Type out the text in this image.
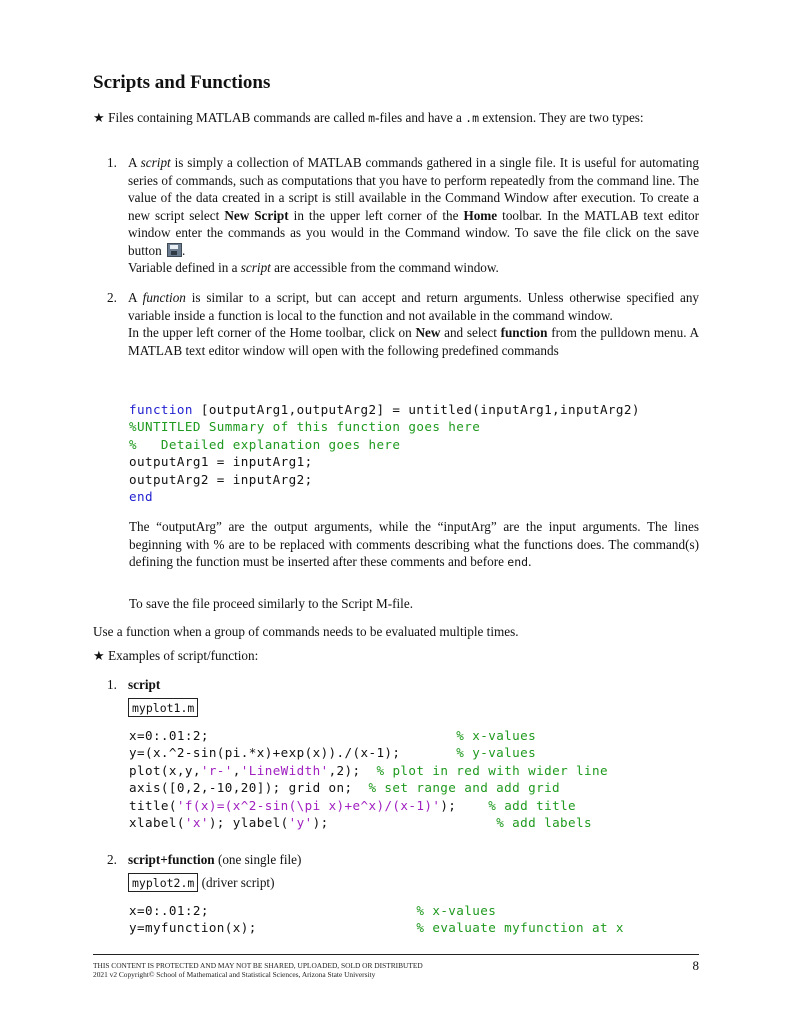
Scripts and Functions

★ Files containing MATLAB commands are called m-files and have a .m extension. They are two types:

1. A script is simply a collection of MATLAB commands gathered in a single file. It is useful for automating series of commands, such as computations that you have to perform repeatedly from the command line. The value of the data created in a script is still available in the Command Window after execution. To create a new script select New Script in the upper left corner of the Home toolbar. In the MATLAB text editor window enter the commands as you would in the Command window. To save the file click on the save button .

Variable defined in a script are accessible from the command window.

2. A function is similar to a script, but can accept and return arguments. Unless otherwise specified any variable inside a function is local to the function and not available in the command window.

In the upper left corner of the Home toolbar, click on New and select function from the pulldown menu. A MATLAB text editor window will open with the following predefined commands

function [outputArg1,outputArg2] = untitled(inputArg1,inputArg2)
%UNTITLED Summary of this function goes here
%   Detailed explanation goes here
outputArg1 = inputArg1;
outputArg2 = inputArg2;
end

The “outputArg” are the output arguments, while the “inputArg” are the input arguments. The lines beginning with % are to be replaced with comments describing what the functions does. The command(s) defining the function must be inserted after these comments and before end.

To save the file proceed similarly to the Script M-file.

Use a function when a group of commands needs to be evaluated multiple times.

★ Examples of script/function:

1. script

myplot1.m

x=0:.01:2;	% x-values
y=(x.^2-sin(pi.*x)+exp(x))./(x-1);	% y-values
plot(x,y,'r-','LineWidth',2);  % plot in red with wider line
axis([0,2,-10,20]); grid on;  % set range and add grid
title('f(x)=(x^2-sin(\pi x)+e^x)/(x-1)');	% add title
xlabel('x'); ylabel('y');	% add labels
2. script+function (one single file)

myplot2.m (driver script)

x=0:.01:2;	% x-values
y=myfunction(x);	% evaluate myfunction at x
THIS CONTENT IS PROTECTED AND MAY NOT BE SHARED, UPLOADED, SOLD OR DISTRIBUTED
2021 v2 Copyright© School of Mathematical and Statistical Sciences, Arizona State University
8
